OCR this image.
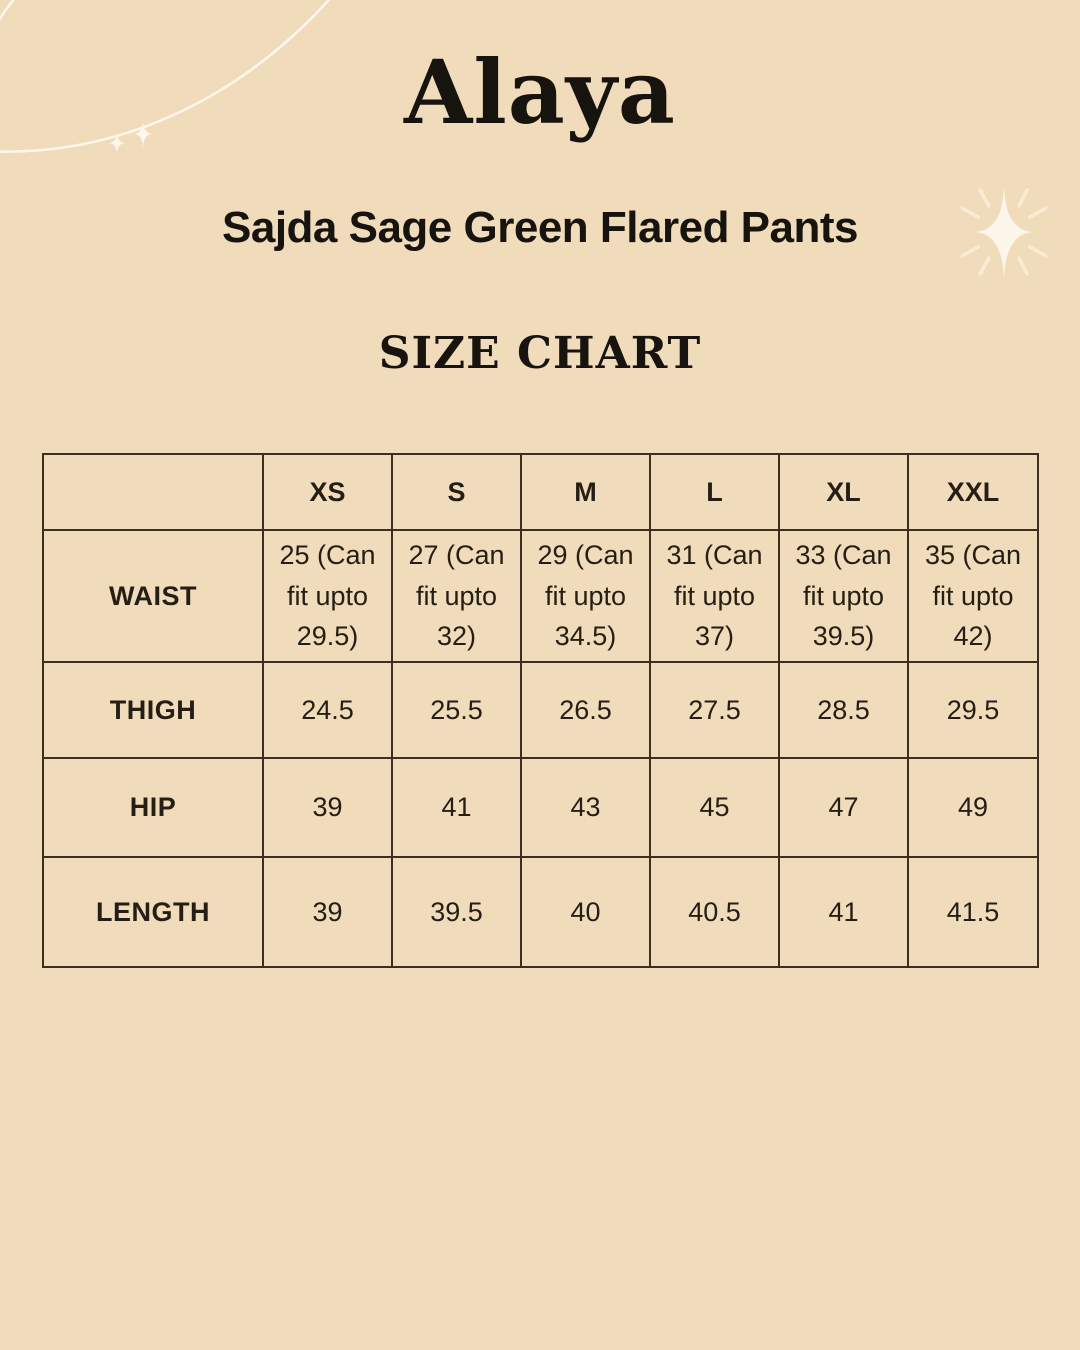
Alaya
Sajda Sage Green Flared Pants
SIZE CHART
	XS	S	M	L	XL	XXL
WAIST	25 (Can fit upto 29.5)	27 (Can fit upto 32)	29 (Can fit upto 34.5)	31 (Can fit upto 37)	33 (Can fit upto 39.5)	35 (Can fit upto 42)
THIGH	24.5	25.5	26.5	27.5	28.5	29.5
HIP	39	41	43	45	47	49
LENGTH	39	39.5	40	40.5	41	41.5
